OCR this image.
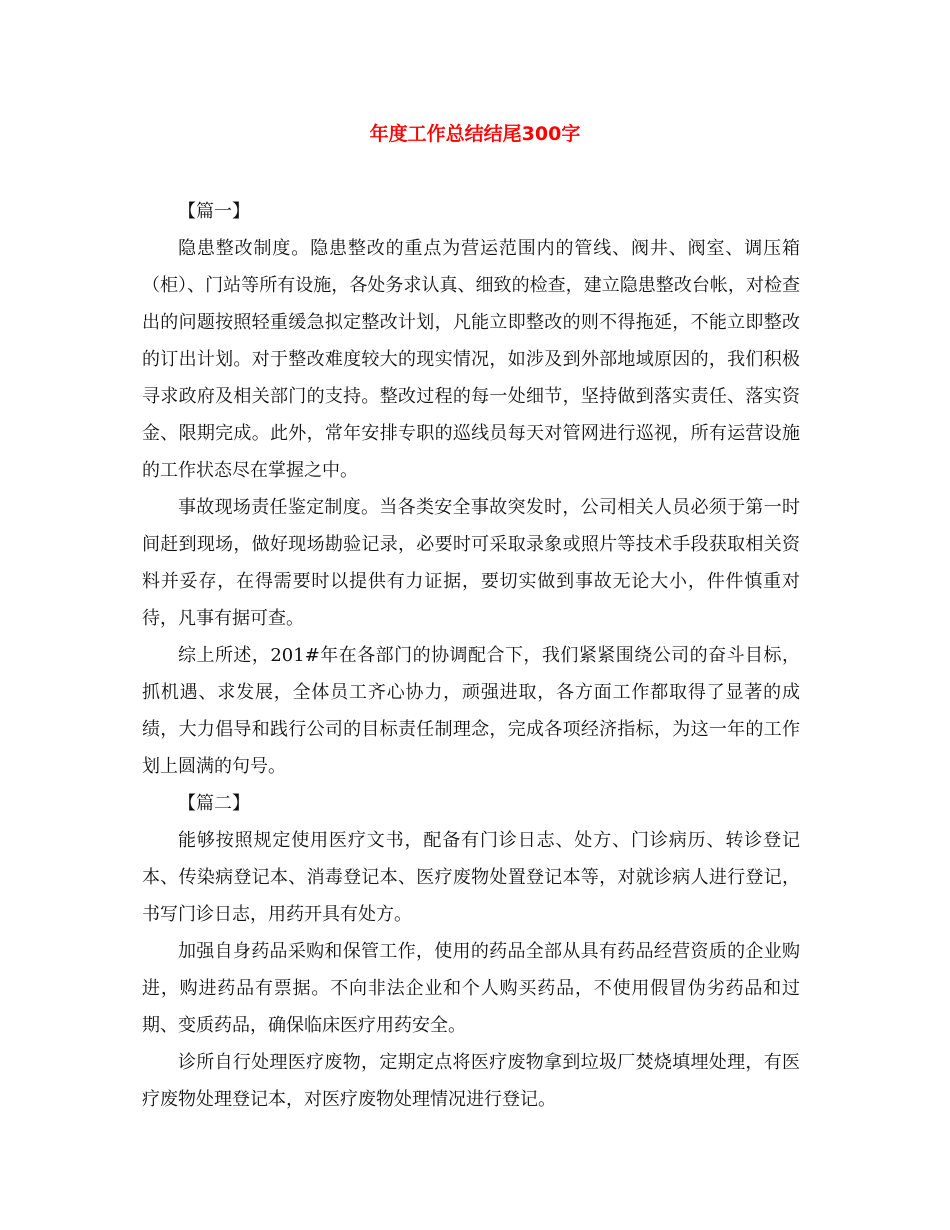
年度工作总结结尾300字

【篇一】

隐患整改制度。隐患整改的重点为营运范围内的管线、阀井、阀室、调压箱（柜）、门站等所有设施，各处务求认真、细致的检查，建立隐患整改台帐，对检查出的问题按照轻重缓急拟定整改计划，凡能立即整改的则不得拖延，不能立即整改的订出计划。对于整改难度较大的现实情况，如涉及到外部地域原因的，我们积极寻求政府及相关部门的支持。整改过程的每一处细节，坚持做到落实责任、落实资金、限期完成。此外，常年安排专职的巡线员每天对管网进行巡视，所有运营设施的工作状态尽在掌握之中。

事故现场责任鉴定制度。当各类安全事故突发时，公司相关人员必须于第一时间赶到现场，做好现场勘验记录，必要时可采取录象或照片等技术手段获取相关资料并妥存，在得需要时以提供有力证据，要切实做到事故无论大小，件件慎重对待，凡事有据可查。

综上所述，201#年在各部门的协调配合下，我们紧紧围绕公司的奋斗目标，抓机遇、求发展，全体员工齐心协力，顽强进取，各方面工作都取得了显著的成绩，大力倡导和践行公司的目标责任制理念，完成各项经济指标，为这一年的工作划上圆满的句号。

【篇二】

能够按照规定使用医疗文书，配备有门诊日志、处方、门诊病历、转诊登记本、传染病登记本、消毒登记本、医疗废物处置登记本等，对就诊病人进行登记，书写门诊日志，用药开具有处方。

加强自身药品采购和保管工作，使用的药品全部从具有药品经营资质的企业购进，购进药品有票据。不向非法企业和个人购买药品，不使用假冒伪劣药品和过期、变质药品，确保临床医疗用药安全。

诊所自行处理医疗废物，定期定点将医疗废物拿到垃圾厂焚烧填埋处理，有医疗废物处理登记本，对医疗废物处理情况进行登记。
